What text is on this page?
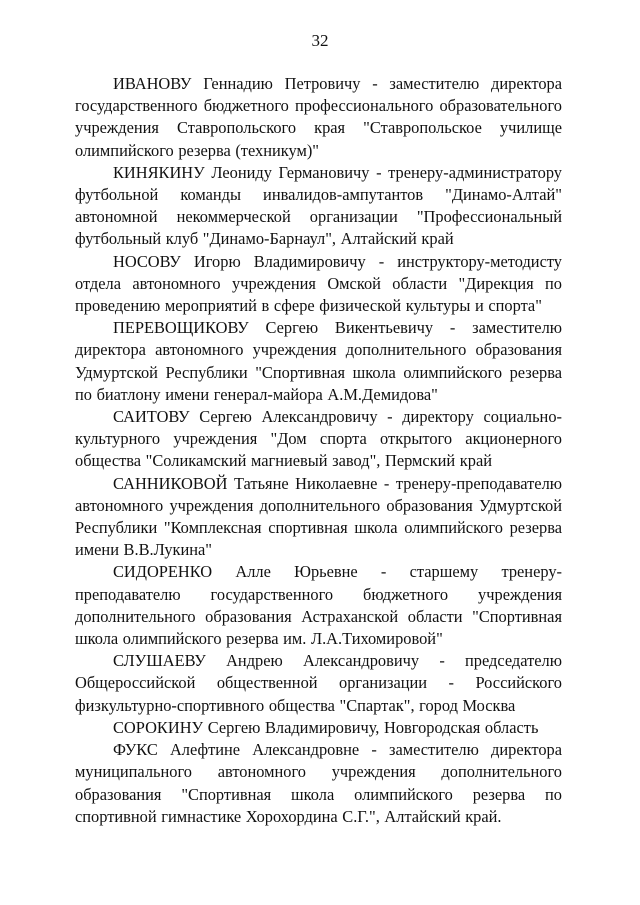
32

ИВАНОВУ Геннадию Петровичу - заместителю директора государственного бюджетного профессионального образовательного учреждения Ставропольского края "Ставропольское училище олимпийского резерва (техникум)"

КИНЯКИНУ Леониду Германовичу - тренеру-администратору футбольной команды инвалидов-ампутантов "Динамо-Алтай" автономной некоммерческой организации "Профессиональный футбольный клуб "Динамо-Барнаул", Алтайский край

НОСОВУ Игорю Владимировичу - инструктору-методисту отдела автономного учреждения Омской области "Дирекция по проведению мероприятий в сфере физической культуры и спорта"

ПЕРЕВОЩИКОВУ Сергею Викентьевичу - заместителю директора автономного учреждения дополнительного образования Удмуртской Республики "Спортивная школа олимпийского резерва по биатлону имени генерал-майора А.М.Демидова"

САИТОВУ Сергею Александровичу - директору социально-культурного учреждения "Дом спорта открытого акционерного общества "Соликамский магниевый завод", Пермский край

САННИКОВОЙ Татьяне Николаевне - тренеру-преподавателю автономного учреждения дополнительного образования Удмуртской Республики "Комплексная спортивная школа олимпийского резерва имени В.В.Лукина"

СИДОРЕНКО Алле Юрьевне - старшему тренеру-преподавателю государственного бюджетного учреждения дополнительного образования Астраханской области "Спортивная школа олимпийского резерва им. Л.А.Тихомировой"

СЛУШАЕВУ Андрею Александровичу - председателю Общероссийской общественной организации - Российского физкультурно-спортивного общества "Спартак", город Москва

СОРОКИНУ Сергею Владимировичу, Новгородская область

ФУКС Алефтине Александровне - заместителю директора муниципального автономного учреждения дополнительного образования "Спортивная школа олимпийского резерва по спортивной гимнастике Хорохордина С.Г.", Алтайский край.
